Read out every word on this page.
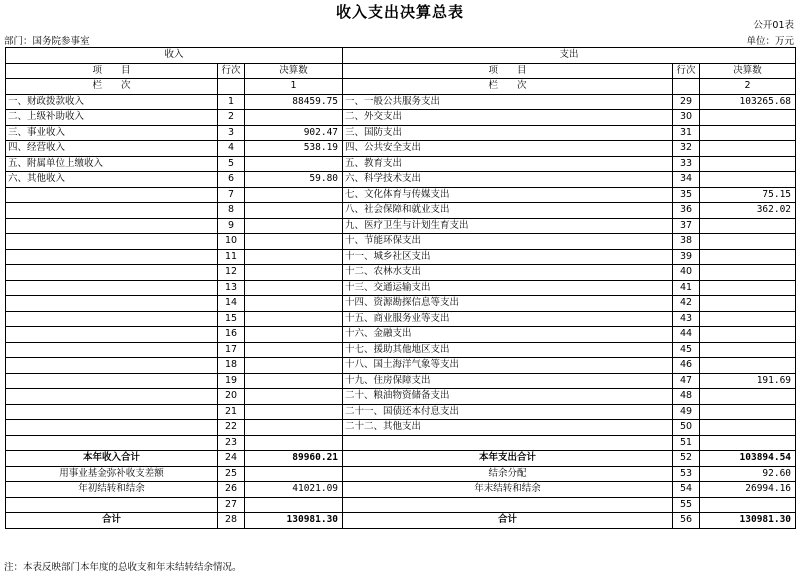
收入支出决算总表
公开01表
部门：国务院参事室	单位：万元
收入			支出		
项　　目	行次	决算数	项　　目	行次	决算数
栏　　次		1	栏　　次		2
一、财政拨款收入	1	88459.75	一、一般公共服务支出	29	103265.68
二、上级补助收入	2		二、外交支出	30	
三、事业收入	3	902.47	三、国防支出	31	
四、经营收入	4	538.19	四、公共安全支出	32	
五、附属单位上缴收入	5		五、教育支出	33	
六、其他收入	6	59.80	六、科学技术支出	34	
	7		七、文化体育与传媒支出	35	75.15
	8		八、社会保障和就业支出	36	362.02
	9		九、医疗卫生与计划生育支出	37	
	10		十、节能环保支出	38	
	11		十一、城乡社区支出	39	
	12		十二、农林水支出	40	
	13		十三、交通运输支出	41	
	14		十四、资源勘探信息等支出	42	
	15		十五、商业服务业等支出	43	
	16		十六、金融支出	44	
	17		十七、援助其他地区支出	45	
	18		十八、国土海洋气象等支出	46	
	19		十九、住房保障支出	47	191.69
	20		二十、粮油物资储备支出	48	
	21		二十一、国债还本付息支出	49	
	22		二十二、其他支出	50	
	23			51	
本年收入合计	24	89960.21	本年支出合计	52	103894.54
用事业基金弥补收支差额	25		结余分配	53	92.60
年初结转和结余	26	41021.09	年末结转和结余	54	26994.16
	27			55	
合计	28	130981.30	合计	56	130981.30
注：本表反映部门本年度的总收支和年末结转结余情况。
